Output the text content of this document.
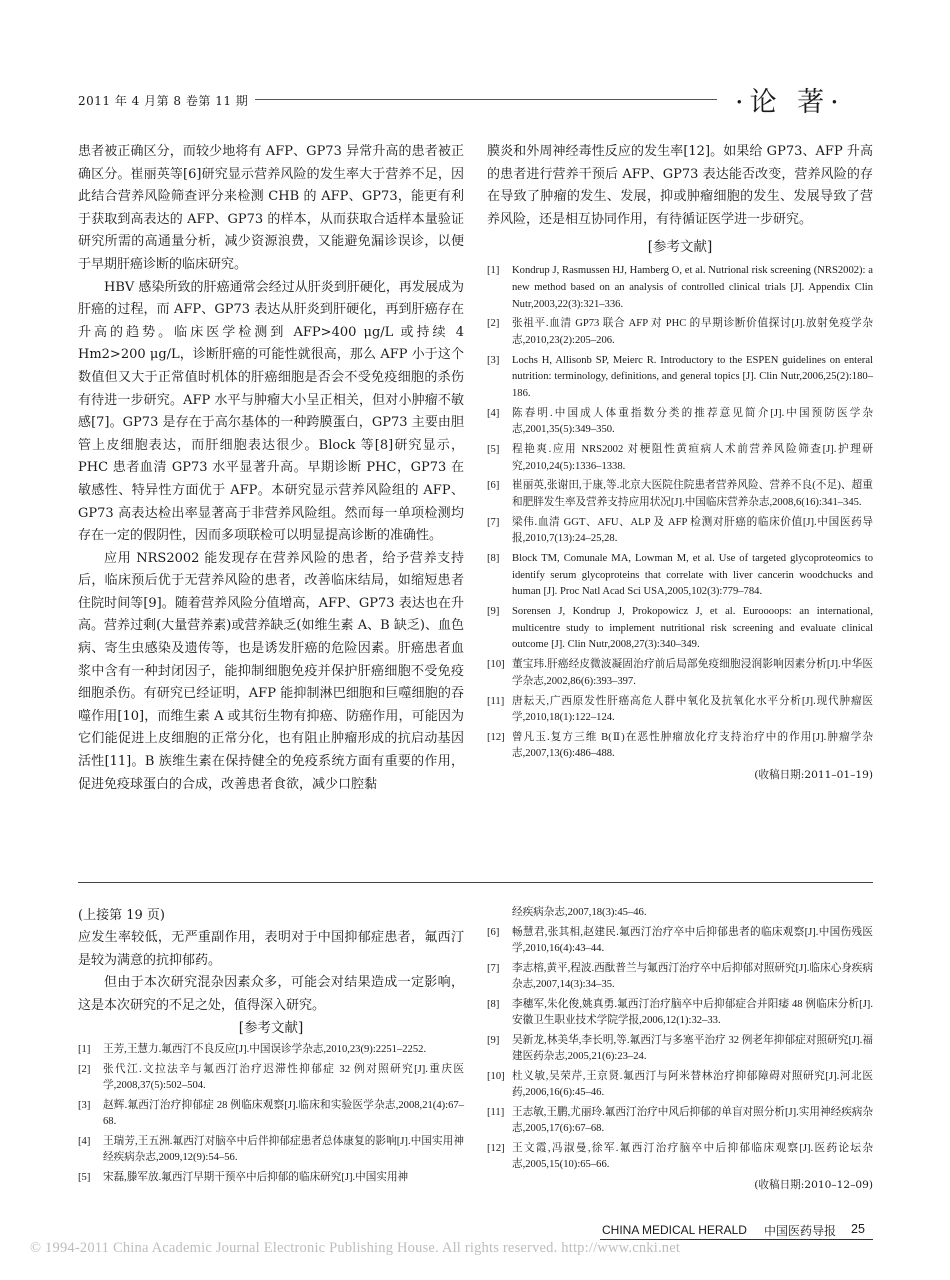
2011 年 4 月第 8 卷第 11 期	·论 著·

患者被正确区分，而较少地将有 AFP、GP73 异常升高的患者被正确区分。崔丽英等[6]研究显示营养风险的发生率大于营养不足，因此结合营养风险筛查评分来检测 CHB 的 AFP、GP73，能更有利于获取到高表达的 AFP、GP73 的样本，从而获取合适样本量验证研究所需的高通量分析，减少资源浪费，又能避免漏诊误诊，以便于早期肝癌诊断的临床研究。

HBV 感染所致的肝癌通常会经过从肝炎到肝硬化，再发展成为肝癌的过程，而 AFP、GP73 表达从肝炎到肝硬化，再到肝癌存在升高的趋势。临床医学检测到 AFP>400 μg/L 或持续 4 Hm2>200 μg/L，诊断肝癌的可能性就很高，那么 AFP 小于这个数值但又大于正常值时机体的肝癌细胞是否会不受免疫细胞的杀伤有待进一步研究。AFP 水平与肿瘤大小呈正相关，但对小肿瘤不敏感[7]。GP73 是存在于高尔基体的一种跨膜蛋白，GP73 主要由胆管上皮细胞表达，而肝细胞表达很少。Block 等[8]研究显示，PHC 患者血清 GP73 水平显著升高。早期诊断 PHC，GP73 在敏感性、特异性方面优于 AFP。本研究显示营养风险组的 AFP、GP73 高表达检出率显著高于非营养风险组。然而每一单项检测均存在一定的假阴性，因而多项联检可以明显提高诊断的准确性。

应用 NRS2002 能发现存在营养风险的患者，给予营养支持后，临床预后优于无营养风险的患者，改善临床结局，如缩短患者住院时间等[9]。随着营养风险分值增高，AFP、GP73 表达也在升高。营养过剩(大量营养素)或营养缺乏(如维生素 A、B 缺乏)、血色病、寄生虫感染及遗传等，也是诱发肝癌的危险因素。肝癌患者血浆中含有一种封闭因子，能抑制细胞免疫并保护肝癌细胞不受免疫细胞杀伤。有研究已经证明，AFP 能抑制淋巴细胞和巨噬细胞的吞噬作用[10]，而维生素 A 或其衍生物有抑癌、防癌作用，可能因为它们能促进上皮细胞的正常分化，也有阻止肿瘤形成的抗启动基因活性[11]。B 族维生素在保持健全的免疫系统方面有重要的作用，促进免疫球蛋白的合成，改善患者食欲，减少口腔黏

膜炎和外周神经毒性反应的发生率[12]。如果给 GP73、AFP 升高的患者进行营养干预后 AFP、GP73 表达能否改变，营养风险的存在导致了肿瘤的发生、发展，抑或肿瘤细胞的发生、发展导致了营养风险，还是相互协同作用，有待循证医学进一步研究。

[参考文献]
[1]	Kondrup J, Rasmussen HJ, Hamberg O, et al. Nutrional risk screening (NRS2002): a new method based on an analysis of controlled clinical trials [J]. Appendix Clin Nutr,2003,22(3):321–336.
[2]	张祖平.血清 GP73 联合 AFP 对 PHC 的早期诊断价值探讨[J].放射免疫学杂志,2010,23(2):205–206.
[3]	Lochs H, Allisonb SP, Meierc R. Introductory to the ESPEN guidelines on enteral nutrition: terminology, definitions, and general topics [J]. Clin Nutr,2006,25(2):180–186.
[4]	陈春明.中国成人体重指数分类的推荐意见简介[J].中国预防医学杂志,2001,35(5):349–350.
[5]	程艳爽.应用 NRS2002 对梗阻性黄疸病人术前营养风险筛查[J].护理研究,2010,24(5):1336–1338.
[6]	崔丽英,张谢田,于康,等.北京大医院住院患者营养风险、营养不良(不足)、超重和肥胖发生率及营养支持应用状况[J].中国临床营养杂志,2008,6(16):341–345.
[7]	梁伟.血清 GGT、AFU、ALP 及 AFP 检测对肝癌的临床价值[J].中国医药导报,2010,7(13):24–25,28.
[8]	Block TM, Comunale MA, Lowman M, et al. Use of targeted glycoproteomics to identify serum glycoproteins that correlate with liver cancerin woodchucks and human [J]. Proc Natl Acad Sci USA,2005,102(3):779–784.
[9]	Sorensen J, Kondrup J, Prokopowicz J, et al. Euroooops: an international, multicentre study to implement nutritional risk screening and evaluate clinical outcome [J]. Clin Nutr,2008,27(3):340–349.
[10] 董宝玮.肝癌经皮微波凝固治疗前后局部免疫细胞浸润影响因素分析[J].中华医学杂志,2002,86(6):393–397.
[11] 唐耘天,广西原发性肝癌高危人群中氧化及抗氧化水平分析[J].现代肿瘤医学,2010,18(1):122–124.
[12] 曾凡玉.复方三维 B(Ⅱ)在恶性肿瘤放化疗支持治疗中的作用[J].肿瘤学杂志,2007,13(6):486–488.
(收稿日期:2011–01–19)

(上接第 19 页)

应发生率较低，无严重副作用，表明对于中国抑郁症患者，氟西汀是较为满意的抗抑郁药。

但由于本次研究混杂因素众多，可能会对结果造成一定影响，这是本次研究的不足之处，值得深入研究。

[参考文献]
[1]	王芳,王慧力.氟西汀不良反应[J].中国误诊学杂志,2010,23(9):2251–2252.
[2]	张代江.文拉法辛与氟西汀治疗迟滞性抑郁症 32 例对照研究[J].重庆医学,2008,37(5):502–504.
[3]	赵辉.氟西汀治疗抑郁症 28 例临床观察[J].临床和实验医学杂志,2008,21(4):67–68.
[4]	王瑞芳,王五洲.氟西汀对脑卒中后伴抑郁症患者总体康复的影响[J].中国实用神经疾病杂志,2009,12(9):54–56.
[5]	宋磊,滕军放.氟西汀早期干预卒中后抑郁的临床研究[J].中国实用神
经疾病杂志,2007,18(3):45–46.
[6]	畅慧君,张其相,赵建民.氟西汀治疗卒中后抑郁患者的临床观察[J].中国伤残医学,2010,16(4):43–44.
[7]	李志榕,黄平,程波.西酞普兰与氟西汀治疗卒中后抑郁对照研究[J].临床心身疾病杂志,2007,14(3):34–35.
[8]	李穗军,朱化俊,姚真勇.氟西汀治疗脑卒中后抑郁症合并阳痿 48 例临床分析[J].安徽卫生职业技术学院学报,2006,12(1):32–33.
[9]	吴新龙,林美华,李长明,等.氟西汀与多塞平治疗 32 例老年抑郁症对照研究[J].福建医药杂志,2005,21(6):23–24.
[10] 杜义敏,吴荣芹,王京贤.氟西汀与阿米替林治疗抑郁障碍对照研究[J].河北医药,2006,16(6):45–46.
[11] 王志敏,王鹏,尤丽玲.氟西汀治疗中风后抑郁的单盲对照分析[J].实用神经疾病杂志,2005,17(6):67–68.
[12] 王文霞,冯淑曼,徐军.氟西汀治疗脑卒中后抑郁临床观察[J].医药论坛杂志,2005,15(10):65–66.
(收稿日期:2010–12–09)
CHINA MEDICAL HERALD 中国医药导报 25
© 1994-2011 China Academic Journal Electronic Publishing House. All rights reserved. http://www.cnki.net
